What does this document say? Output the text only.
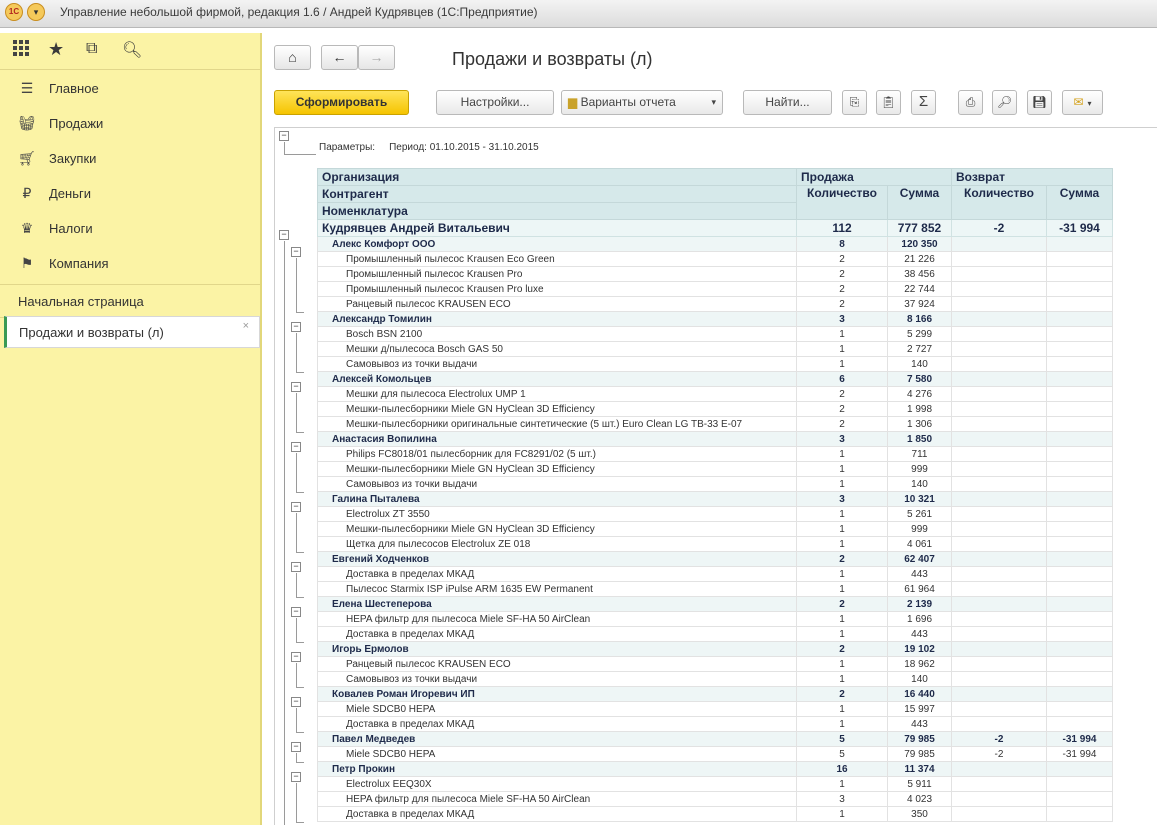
1С	▾	Управление небольшой фирмой, редакция 1.6 / Андрей Кудрявцев (1С:Предприятие)
★ ⧉ 🔍︎
☰ Главное
🧺︎ Продажи
🛒︎ Закупки
₽	Деньги
♛ Налоги
⚑ Компания
Начальная страница
Продажи и возвраты (л)	×
⌂	←	→	Продажи и возвраты (л)
Сформировать	Настройки...	▆ Варианты отчета	▾	Найти...	⎘	📋︎	Σ	⎙	🔎︎	💾︎	✉ ▾
−
Параметры: Период: 01.10.2015 - 31.10.2015
−
−
−
−
−
−
−
−
−
−
−
−
Организация	Продажа		Возврат	
Контрагент	Количество	Сумма	Количество	Сумма
Номенклатура				
Кудрявцев Андрей Витальевич	112	777 852	-2	-31 994
Алекс Комфорт ООО	8	120 350		
Промышленный пылесос Krausen Eco Green	2	21 226		
Промышленный пылесос Krausen Pro	2	38 456		
Промышленный пылесос Krausen Pro luxe	2	22 744		
Ранцевый пылесос KRAUSEN ECO	2	37 924		
Александр Томилин	3	8 166		
Bosch BSN 2100	1	5 299		
Мешки д/пылесоса Bosch GAS 50	1	2 727		
Самовывоз из точки выдачи	1	140		
Алексей Комольцев	6	7 580		
Мешки для пылесоса Electrolux UMP 1	2	4 276		
Мешки-пылесборники Miele GN HyClean 3D Efficiency	2	1 998		
Мешки-пылесборники оригинальные синтетические (5 шт.) Euro Clean LG TB-33 E-07	2	1 306		
Анастасия Вопилина	3	1 850		
Philips FC8018/01 пылесборник для FC8291/02 (5 шт.)	1	711		
Мешки-пылесборники Miele GN HyClean 3D Efficiency	1	999		
Самовывоз из точки выдачи	1	140		
Галина Пыталева	3	10 321		
Electrolux ZT 3550	1	5 261		
Мешки-пылесборники Miele GN HyClean 3D Efficiency	1	999		
Щетка для пылесосов Electrolux ZE 018	1	4 061		
Евгений Ходченков	2	62 407		
Доставка в пределах МКАД	1	443		
Пылесос Starmix ISP iPulse ARM 1635 EW Permanent	1	61 964		
Елена Шестеперова	2	2 139		
HEPA фильтр для пылесоса Miele SF-HA 50 AirClean	1	1 696		
Доставка в пределах МКАД	1	443		
Игорь Ермолов	2	19 102		
Ранцевый пылесос KRAUSEN ECO	1	18 962		
Самовывоз из точки выдачи	1	140		
Ковалев Роман Игоревич ИП	2	16 440		
Miele SDCB0 HEPA	1	15 997		
Доставка в пределах МКАД	1	443		
Павел Медведев	5	79 985	-2	-31 994
Miele SDCB0 HEPA	5	79 985	-2	-31 994
Петр Прокин	16	11 374		
Electrolux EEQ30X	1	5 911		
HEPA фильтр для пылесоса Miele SF-HA 50 AirClean	3	4 023		
Доставка в пределах МКАД	1	350		
